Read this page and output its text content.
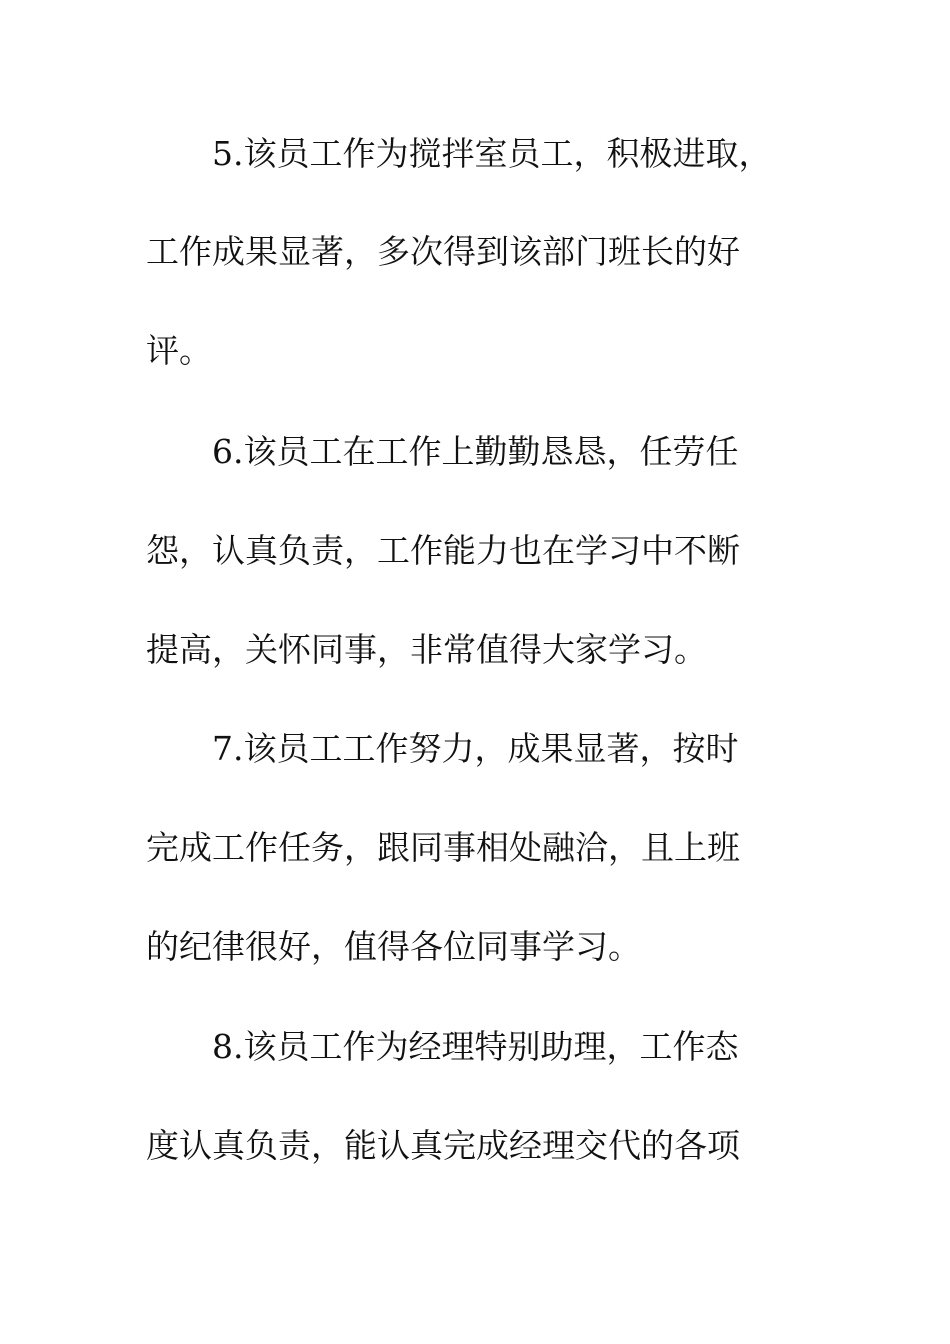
5.该员工作为搅拌室员工，积极进取，
工作成果显著，多次得到该部门班长的好
评。
6.该员工在工作上勤勤恳恳，任劳任
怨，认真负责，工作能力也在学习中不断
提高，关怀同事，非常值得大家学习。
7.该员工工作努力，成果显著，按时
完成工作任务，跟同事相处融洽，且上班
的纪律很好，值得各位同事学习。
8.该员工作为经理特别助理，工作态
度认真负责，能认真完成经理交代的各项
